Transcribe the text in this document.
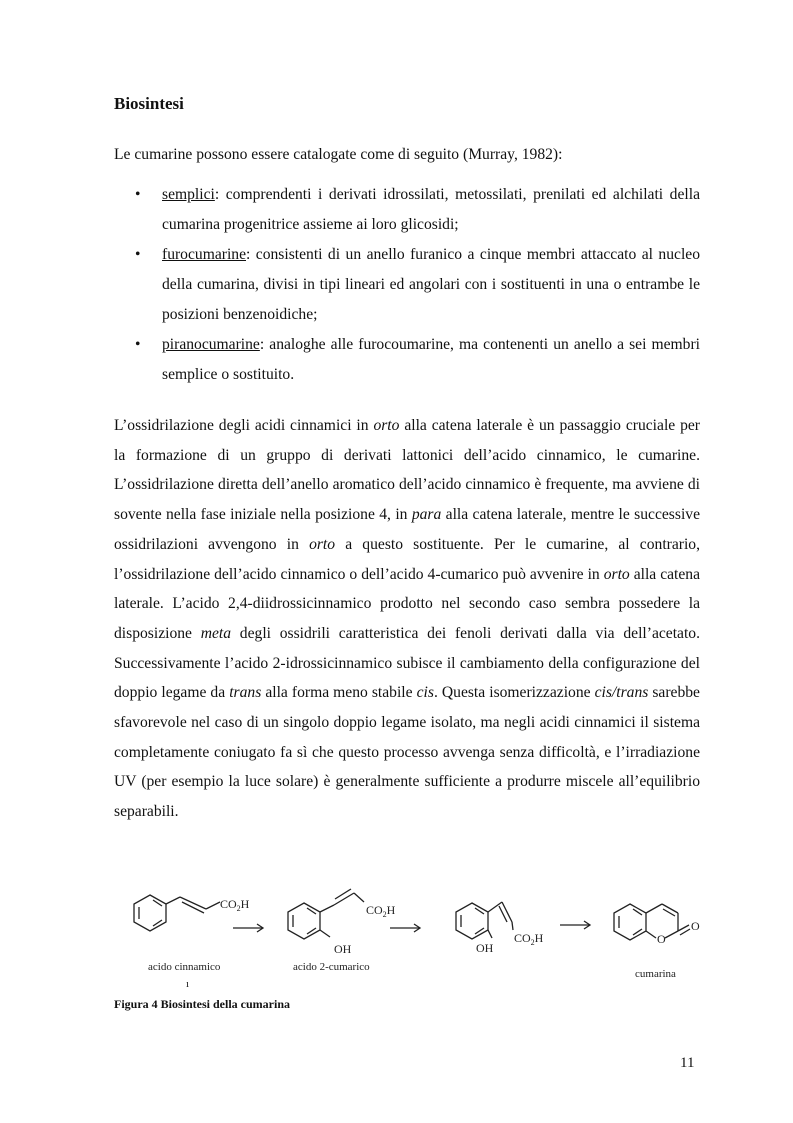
Biosintesi

Le cumarine possono essere catalogate come di seguito (Murray, 1982):

• semplici: comprendenti i derivati idrossilati, metossilati, prenilati ed alchilati della cumarina progenitrice assieme ai loro glicosidi;
• furocumarine: consistenti di un anello furanico a cinque membri attaccato al nucleo della cumarina, divisi in tipi lineari ed angolari con i sostituenti in una o entrambe le posizioni benzenoidiche;
• piranocumarine: analoghe alle furocoumarine, ma contenenti un anello a sei membri semplice o sostituito.

L’ossidrilazione degli acidi cinnamici in orto alla catena laterale è un passaggio cruciale per la formazione di un gruppo di derivati lattonici dell’acido cinnamico, le cumarine. L’ossidrilazione diretta dell’anello aromatico dell’acido cinnamico è frequente, ma avviene di sovente nella fase iniziale nella posizione 4, in para alla catena laterale, mentre le successive ossidrilazioni avvengono in orto a questo sostituente. Per le cumarine, al contrario, l’ossidrilazione dell’acido cinnamico o dell’acido 4-cumarico può avvenire in orto alla catena laterale. L’acido 2,4-diidrossicinnamico prodotto nel secondo caso sembra possedere la disposizione meta degli ossidrili caratteristica dei fenoli derivati dalla via dell’acetato. Successivamente l’acido 2-idrossicinnamico subisce il cambiamento della configurazione del doppio legame da trans alla forma meno stabile cis. Questa isomerizzazione cis/trans sarebbe sfavorevole nel caso di un singolo doppio legame isolato, ma negli acidi cinnamici il sistema completamente coniugato fa sì che questo processo avvenga senza difficoltà, e l’irradiazione UV (per esempio la luce solare) è generalmente sufficiente a produrre miscele all’equilibrio separabili.

$CO_2H$	$CO_2H$
OH
$CO_2H$
OH
O
O
acido cinnamico
ı
acido 2-cumarico
cumarina

Figura 4 Biosintesi della cumarina

11
